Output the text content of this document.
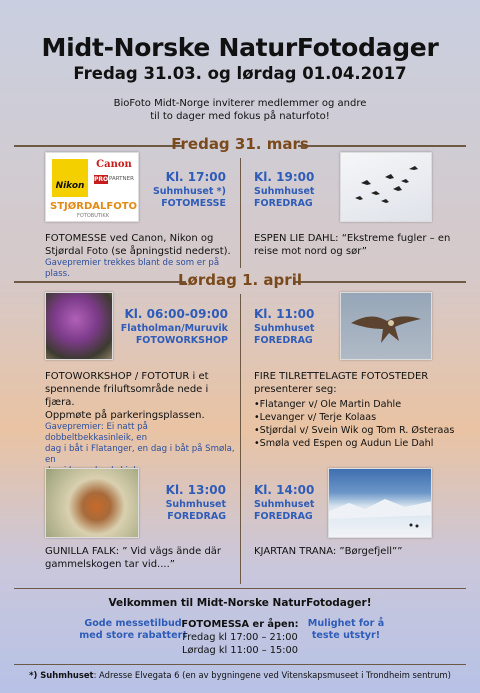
Midt-Norske NaturFotodager
Fredag 31.03. og lørdag 01.04.2017
BioFoto Midt-Norge inviterer medlemmer og andre
til to dager med fokus på naturfoto!
Fredag 31. mars
Nikon
Canon
PRO PARTNER
STJØRDALFOTO
FOTOBUTIKK
Kl. 17:00
Suhmhuset *)
FOTOMESSE
FOTOMESSE ved Canon, Nikon og
Stjørdal Foto (se åpningstid nederst).
Gavepremier trekkes blant de som er på plass.
Kl. 19:00
Suhmhuset
FOREDRAG
ESPEN LIE DAHL: “Ekstreme fugler – en
reise mot nord og sør”
Lørdag 1. april
Kl. 06:00-09:00
Flatholman/Muruvik
FOTOWORKSHOP
FOTOWORKSHOP / FOTOTUR i et
spennende friluftsområde nede i fjæra.
Oppmøte på parkeringsplassen.
Gavepremier: Ei natt på dobbeltbekkasinleik, en
dag i båt i Flatanger, en dag i båt på Smøla, en
Kl. 11:00
Suhmhuset
FOREDRAG
FIRE TILRETTELAGTE FOTOSTEDER
presenterer seg:
•Flatanger v/ Ole Martin Dahle
•Levanger v/ Terje Kolaas
•Stjørdal v/ Svein Wik og Tom R. Østeraas
•Smøla ved Espen og Audun Lie Dahl
Kl. 13:00
Suhmhuset
FOREDRAG
GUNILLA FALK: ” Vid vägs ände där
gammelskogen tar vid....”
Kl. 14:00
Suhmhuset
FOREDRAG
KJARTAN TRANA: ”Børgefjell””
Velkommen til Midt-Norske NaturFotodager!
Gode messetilbud
med store rabatter!
FOTOMESSA er åpen:
Fredag kl 17:00 – 21:00
Lørdag kl 11:00 – 15:00
Mulighet for å
teste utstyr!
*) Suhmhuset: Adresse Elvegata 6 (en av bygningene ved Vitenskapsmuseet i Trondheim sentrum)
